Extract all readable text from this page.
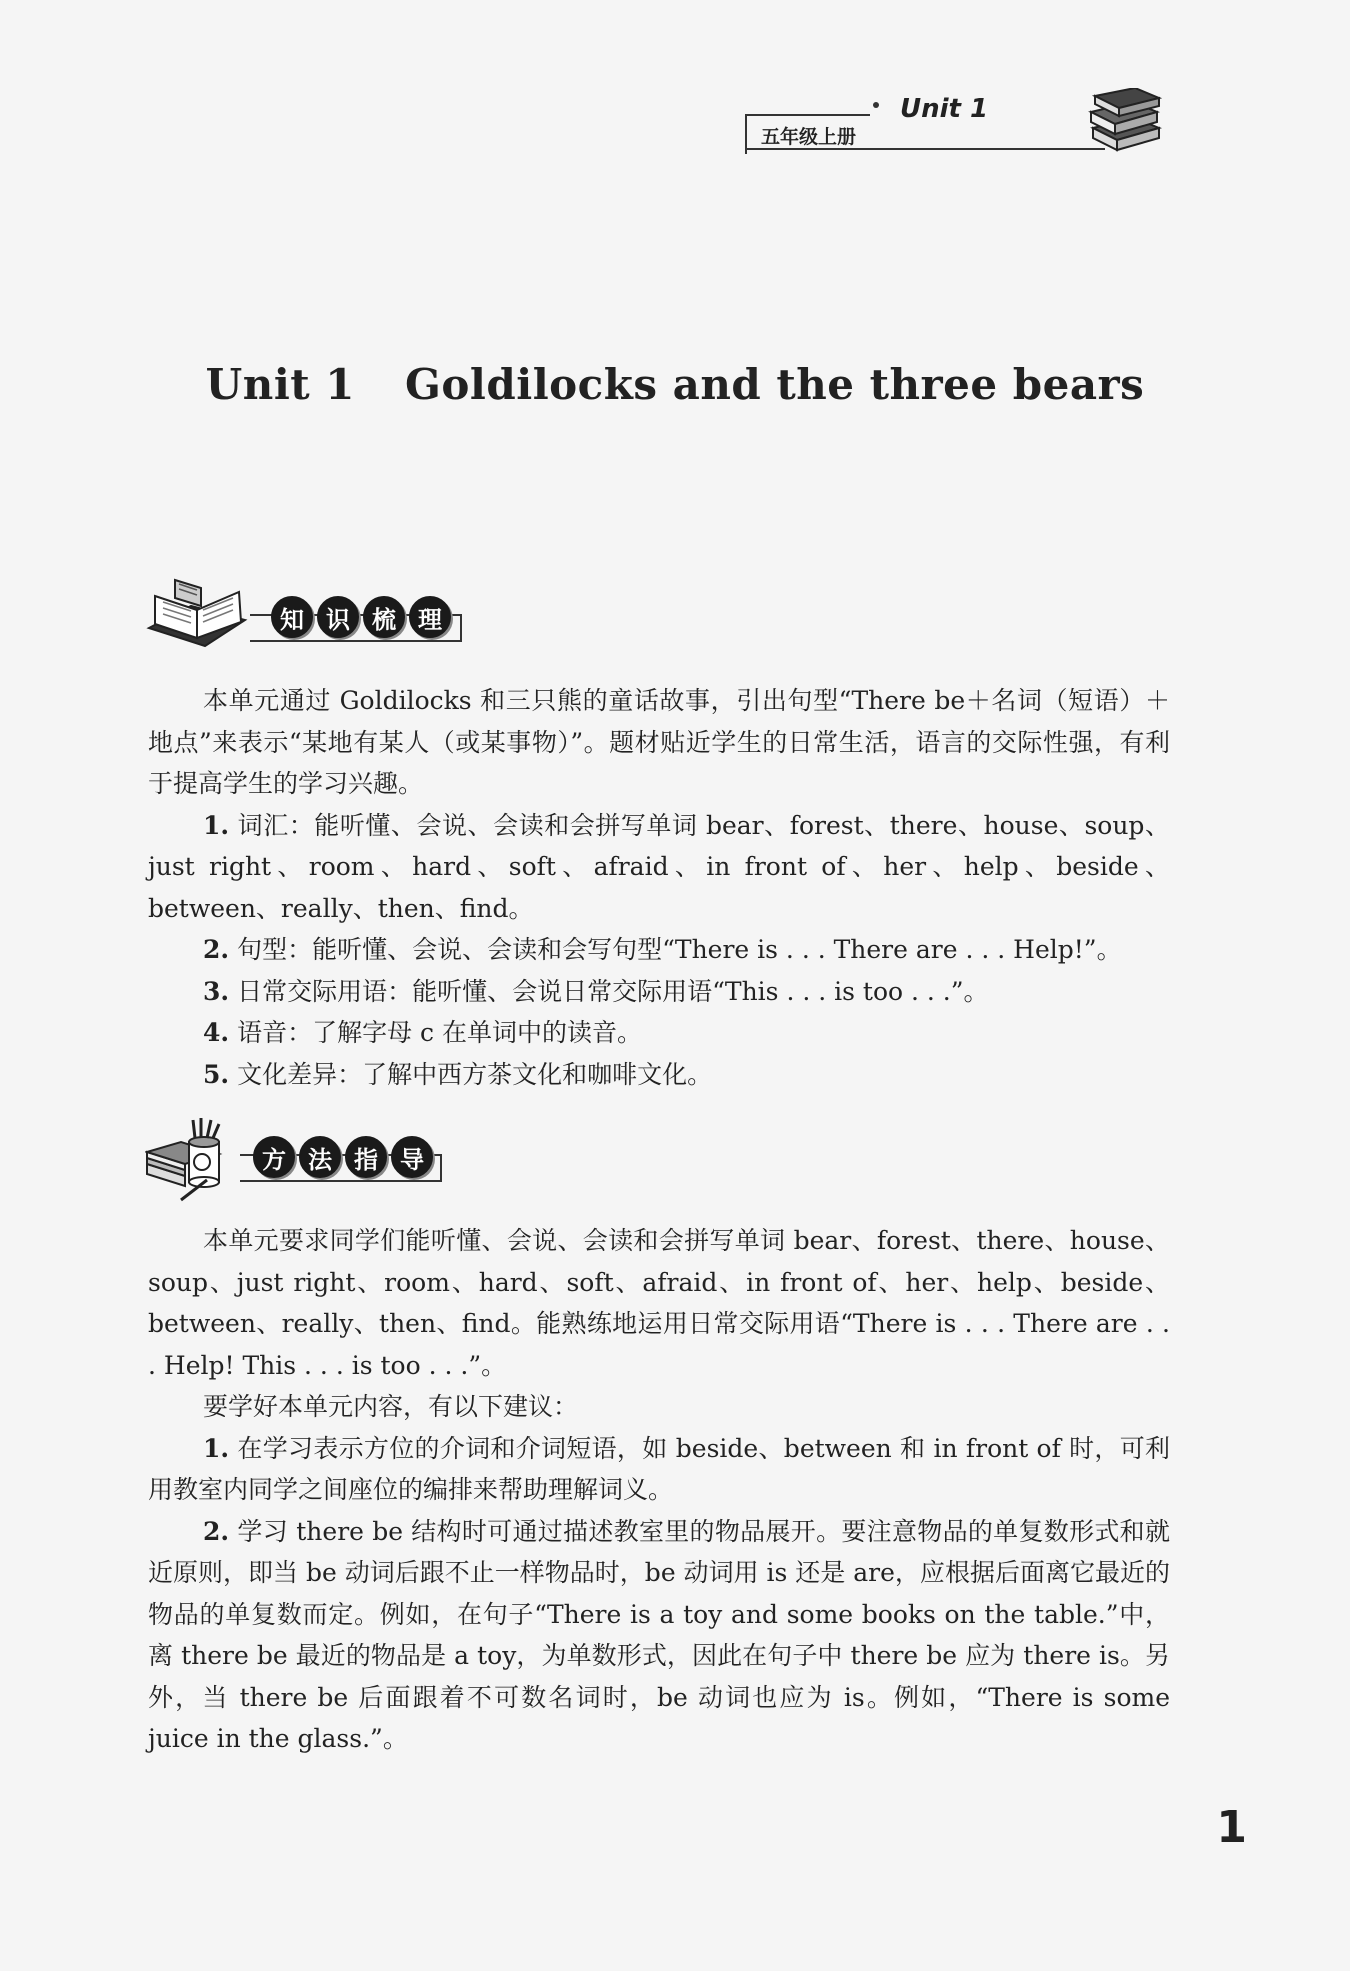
五年级上册
Unit 1
Unit 1 Goldilocks and the three bears
知 识 梳 理
本单元通过 Goldilocks 和三只熊的童话故事，引出句型“There be＋名词（短语）＋地点”来表示“某地有某人（或某事物）”。题材贴近学生的日常生活，语言的交际性强，有利于提高学生的学习兴趣。
1. 词汇：能听懂、会说、会读和会拼写单词 bear、forest、there、house、soup、just right、room、hard、soft、afraid、in front of、her、help、beside、between、really、then、find。
2. 句型：能听懂、会说、会读和会写句型“There is . . . There are . . . Help!”。
3. 日常交际用语：能听懂、会说日常交际用语“This . . . is too . . .”。
4. 语音：了解字母 c 在单词中的读音。
5. 文化差异：了解中西方茶文化和咖啡文化。
方 法 指 导
本单元要求同学们能听懂、会说、会读和会拼写单词 bear、forest、there、house、soup、just right、room、hard、soft、afraid、in front of、her、help、beside、between、really、then、find。能熟练地运用日常交际用语“There is . . . There are . . . Help! This . . . is too . . .”。
要学好本单元内容，有以下建议：
1. 在学习表示方位的介词和介词短语，如 beside、between 和 in front of 时，可利用教室内同学之间座位的编排来帮助理解词义。
2. 学习 there be 结构时可通过描述教室里的物品展开。要注意物品的单复数形式和就近原则，即当 be 动词后跟不止一样物品时，be 动词用 is 还是 are，应根据后面离它最近的物品的单复数而定。例如，在句子“There is a toy and some books on the table.”中，离 there be 最近的物品是 a toy，为单数形式，因此在句子中 there be 应为 there is。另外，当 there be 后面跟着不可数名词时，be 动词也应为 is。例如，“There is some juice in the glass.”。
1
